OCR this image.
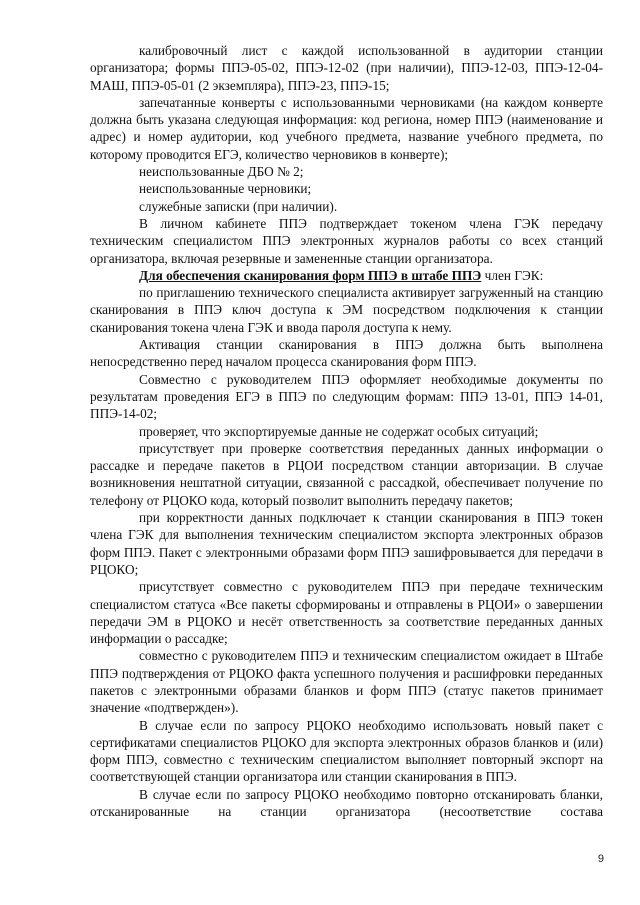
калибровочный лист с каждой использованной в аудитории станции организатора; формы ППЭ-05-02, ППЭ-12-02 (при наличии), ППЭ-12-03, ППЭ-12-04-МАШ, ППЭ-05-01 (2 экземпляра), ППЭ-23, ППЭ-15;

запечатанные конверты с использованными черновиками (на каждом конверте должна быть указана следующая информация: код региона, номер ППЭ (наименование и адрес) и номер аудитории, код учебного предмета, название учебного предмета, по которому проводится ЕГЭ, количество черновиков в конверте);

неиспользованные ДБО № 2;

неиспользованные черновики;

служебные записки (при наличии).

В личном кабинете ППЭ подтверждает токеном члена ГЭК передачу техническим специалистом ППЭ электронных журналов работы со всех станций организатора, включая резервные и замененные станции организатора.

Для обеспечения сканирования форм ППЭ в штабе ППЭ член ГЭК:

по приглашению технического специалиста активирует загруженный на станцию сканирования в ППЭ ключ доступа к ЭМ посредством подключения к станции сканирования токена члена ГЭК и ввода пароля доступа к нему.

Активация станции сканирования в ППЭ должна быть выполнена непосредственно перед началом процесса сканирования форм ППЭ.

Совместно с руководителем ППЭ оформляет необходимые документы по результатам проведения ЕГЭ в ППЭ по следующим формам: ППЭ 13-01, ППЭ 14-01, ППЭ-14-02;

проверяет, что экспортируемые данные не содержат особых ситуаций;

присутствует при проверке соответствия переданных данных информации о рассадке и передаче пакетов в РЦОИ посредством станции авторизации. В случае возникновения нештатной ситуации, связанной с рассадкой, обеспечивает получение по телефону от РЦОКО кода, который позволит выполнить передачу пакетов;

при корректности данных подключает к станции сканирования в ППЭ токен члена ГЭК для выполнения техническим специалистом экспорта электронных образов форм ППЭ. Пакет с электронными образами форм ППЭ зашифровывается для передачи в РЦОКО;

присутствует совместно с руководителем ППЭ при передаче техническим специалистом статуса «Все пакеты сформированы и отправлены в РЦОИ» о завершении передачи ЭМ в РЦОКО и несёт ответственность за соответствие переданных данных информации о рассадке;

совместно с руководителем ППЭ и техническим специалистом ожидает в Штабе ППЭ подтверждения от РЦОКО факта успешного получения и расшифровки переданных пакетов с электронными образами бланков и форм ППЭ (статус пакетов принимает значение «подтвержден»).

В случае если по запросу РЦОКО необходимо использовать новый пакет с сертификатами специалистов РЦОКО для экспорта электронных образов бланков и (или) форм ППЭ, совместно с техническим специалистом выполняет повторный экспорт на соответствующей станции организатора или станции сканирования в ППЭ.

В случае если по запросу РЦОКО необходимо повторно отсканировать бланки, отсканированные на станции организатора (несоответствие состава

9
